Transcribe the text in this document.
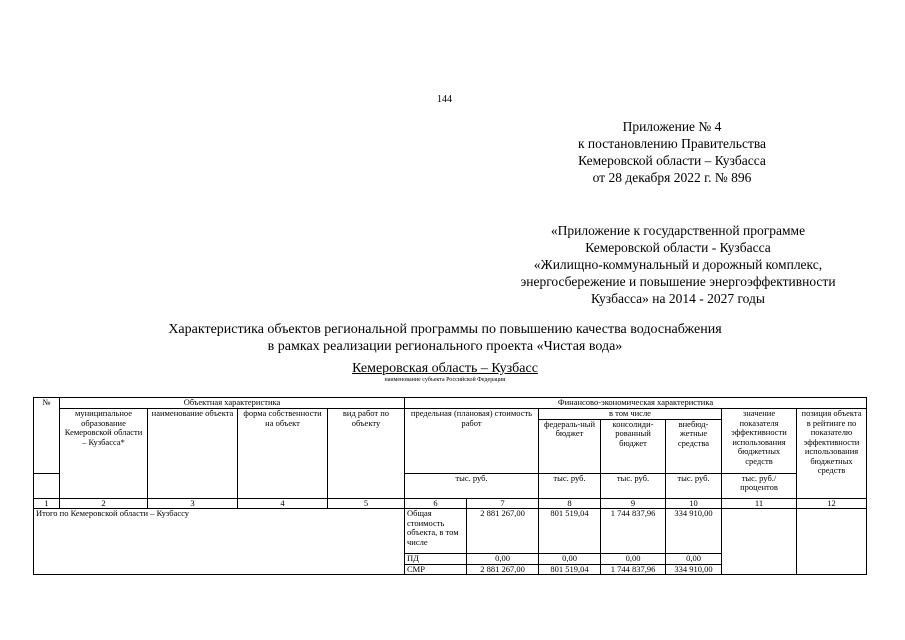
144
Приложение № 4
к постановлению Правительства
Кемеровской области – Кузбасса
от 28 декабря 2022 г. № 896
«Приложение к государственной программе
Кемеровской области - Кузбасса
«Жилищно-коммунальный и дорожный комплекс,
энергосбережение и повышение энергоэффективности
Кузбасса» на 2014 - 2027 годы
Характеристика объектов региональной программы по повышению качества водоснабжения
в рамках реализации регионального проекта «Чистая вода»
Кемеровская область – Кузбасс
наименование субъекта Российской Федерации
№	Объектная характеристика				Финансово-экономическая характеристика						
	муниципальное образование Кемеровской области – Кузбасса*	наименование объекта	форма собственности на объект	вид работ по объекту	предельная (плановая) стоимость работ		в том числе			значение показателя эффективности использования бюджетных средств	позиция объекта в рейтинге по показателю эффективности использования бюджетных средств
							федераль-ный бюджет	консолиди-рованный бюджет	внебюд-жетные средства		
					тыс. руб.		тыс. руб.	тыс. руб.	тыс. руб.	тыс. руб./ процентов	
1	2	3	4	5	6	7	8	9	10	11	12
Итого по Кемеровской области – Кузбассу					Общая стоимость объекта, в том числе	2 881 267,00	801 519,04	1 744 837,96	334 910,00		
					ПД	0,00	0,00	0,00	0,00		
					СМР	2 881 267,00	801 519,04	1 744 837,96	334 910,00		
